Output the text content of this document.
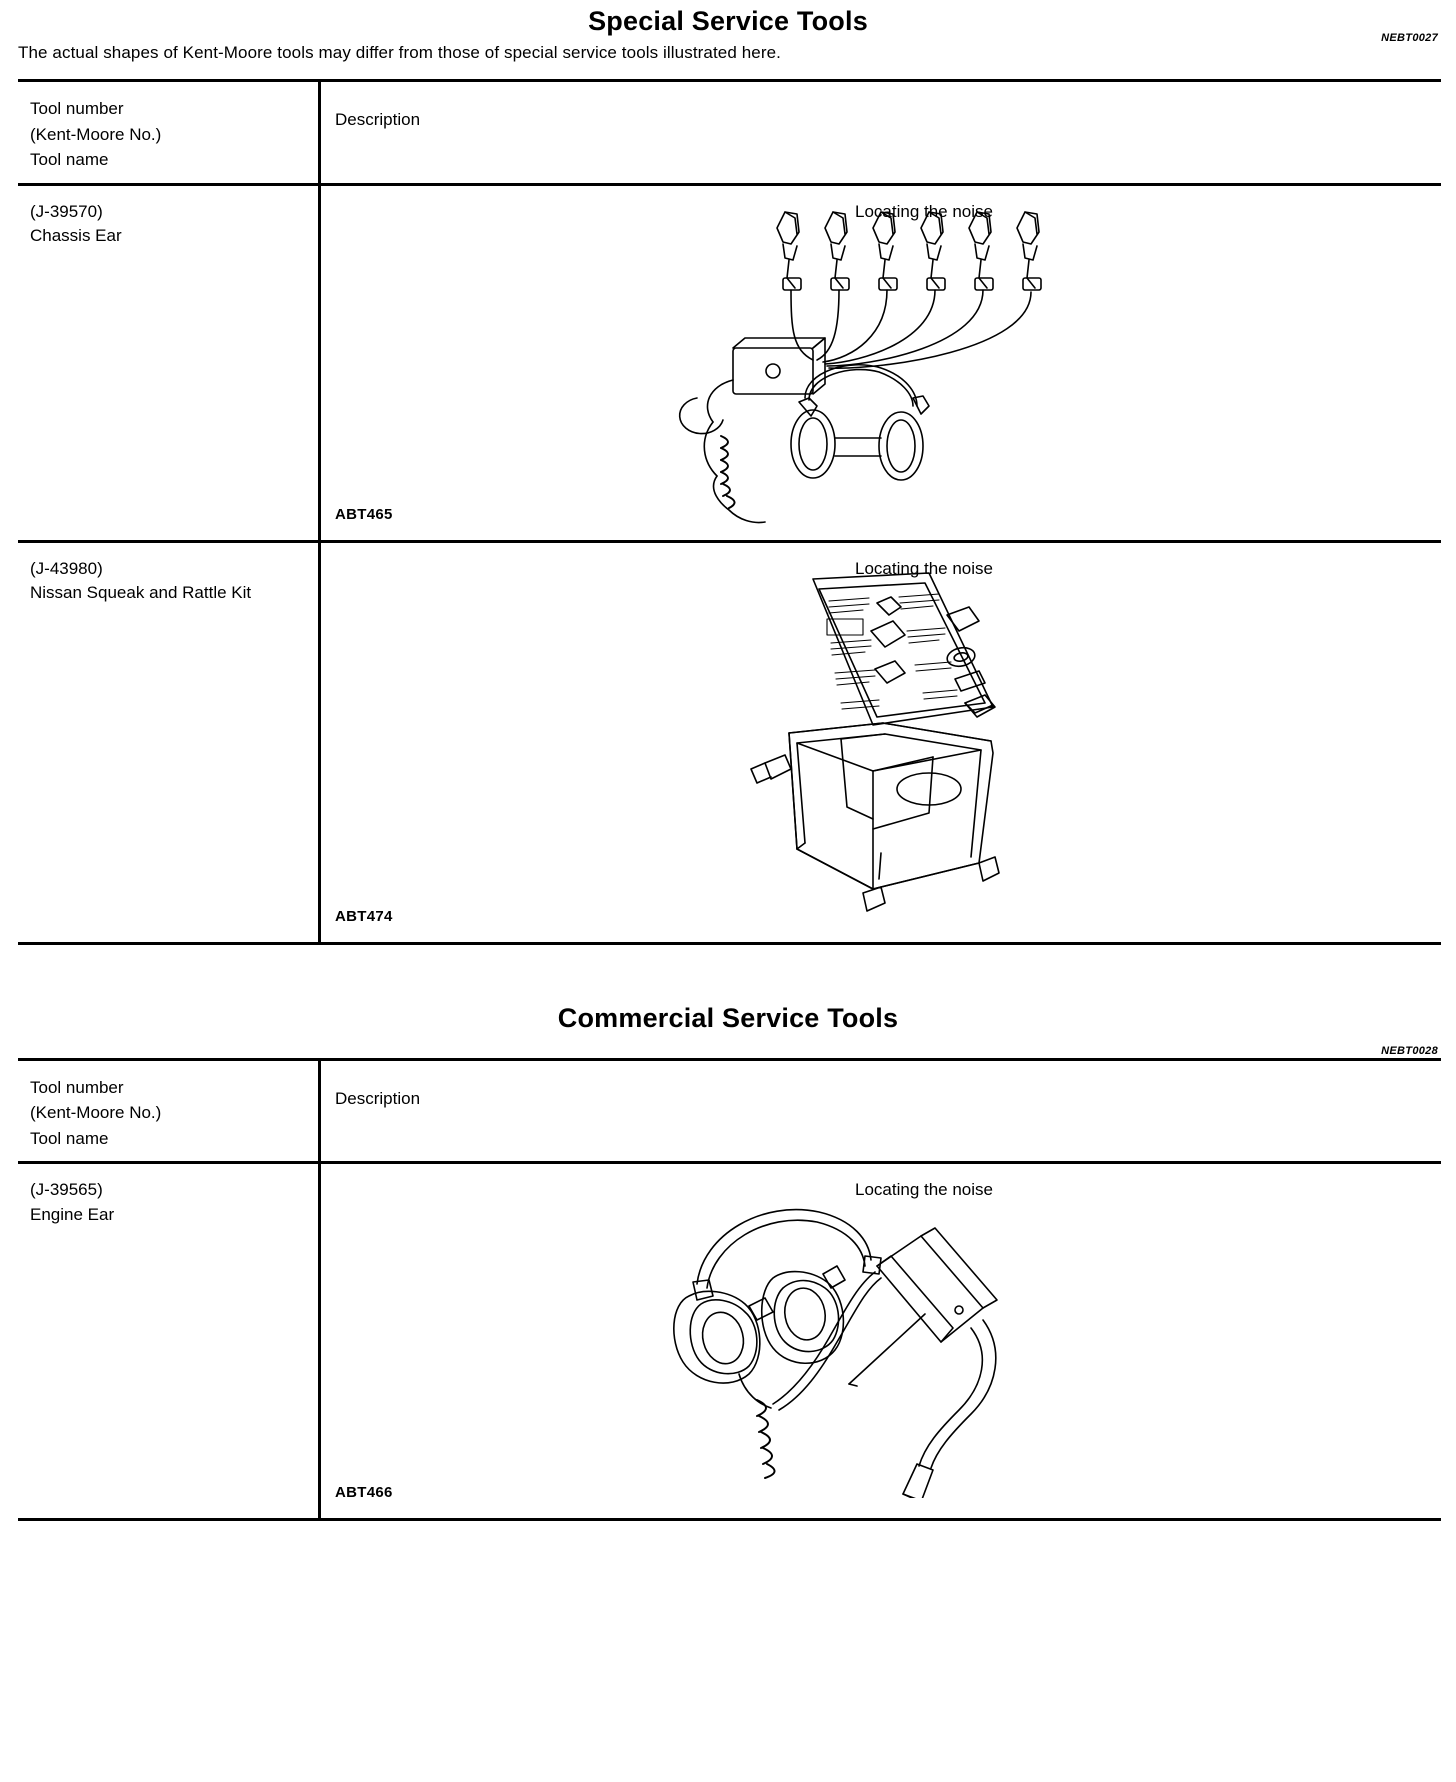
NEBT0027
Special Service Tools
The actual shapes of Kent-Moore tools may differ from those of special service tools illustrated here.
Tool number
(Kent-Moore No.)
Tool name	Description

(J-39570)
Chassis Ear

Locating the noise
ABT465

(J-43980)
Nissan Squeak and Rattle Kit

Locating the noise
ABT474
NEBT0028
Commercial Service Tools
Tool number
(Kent-Moore No.)
Tool name	Description

(J-39565)
Engine Ear

Locating the noise
ABT466
